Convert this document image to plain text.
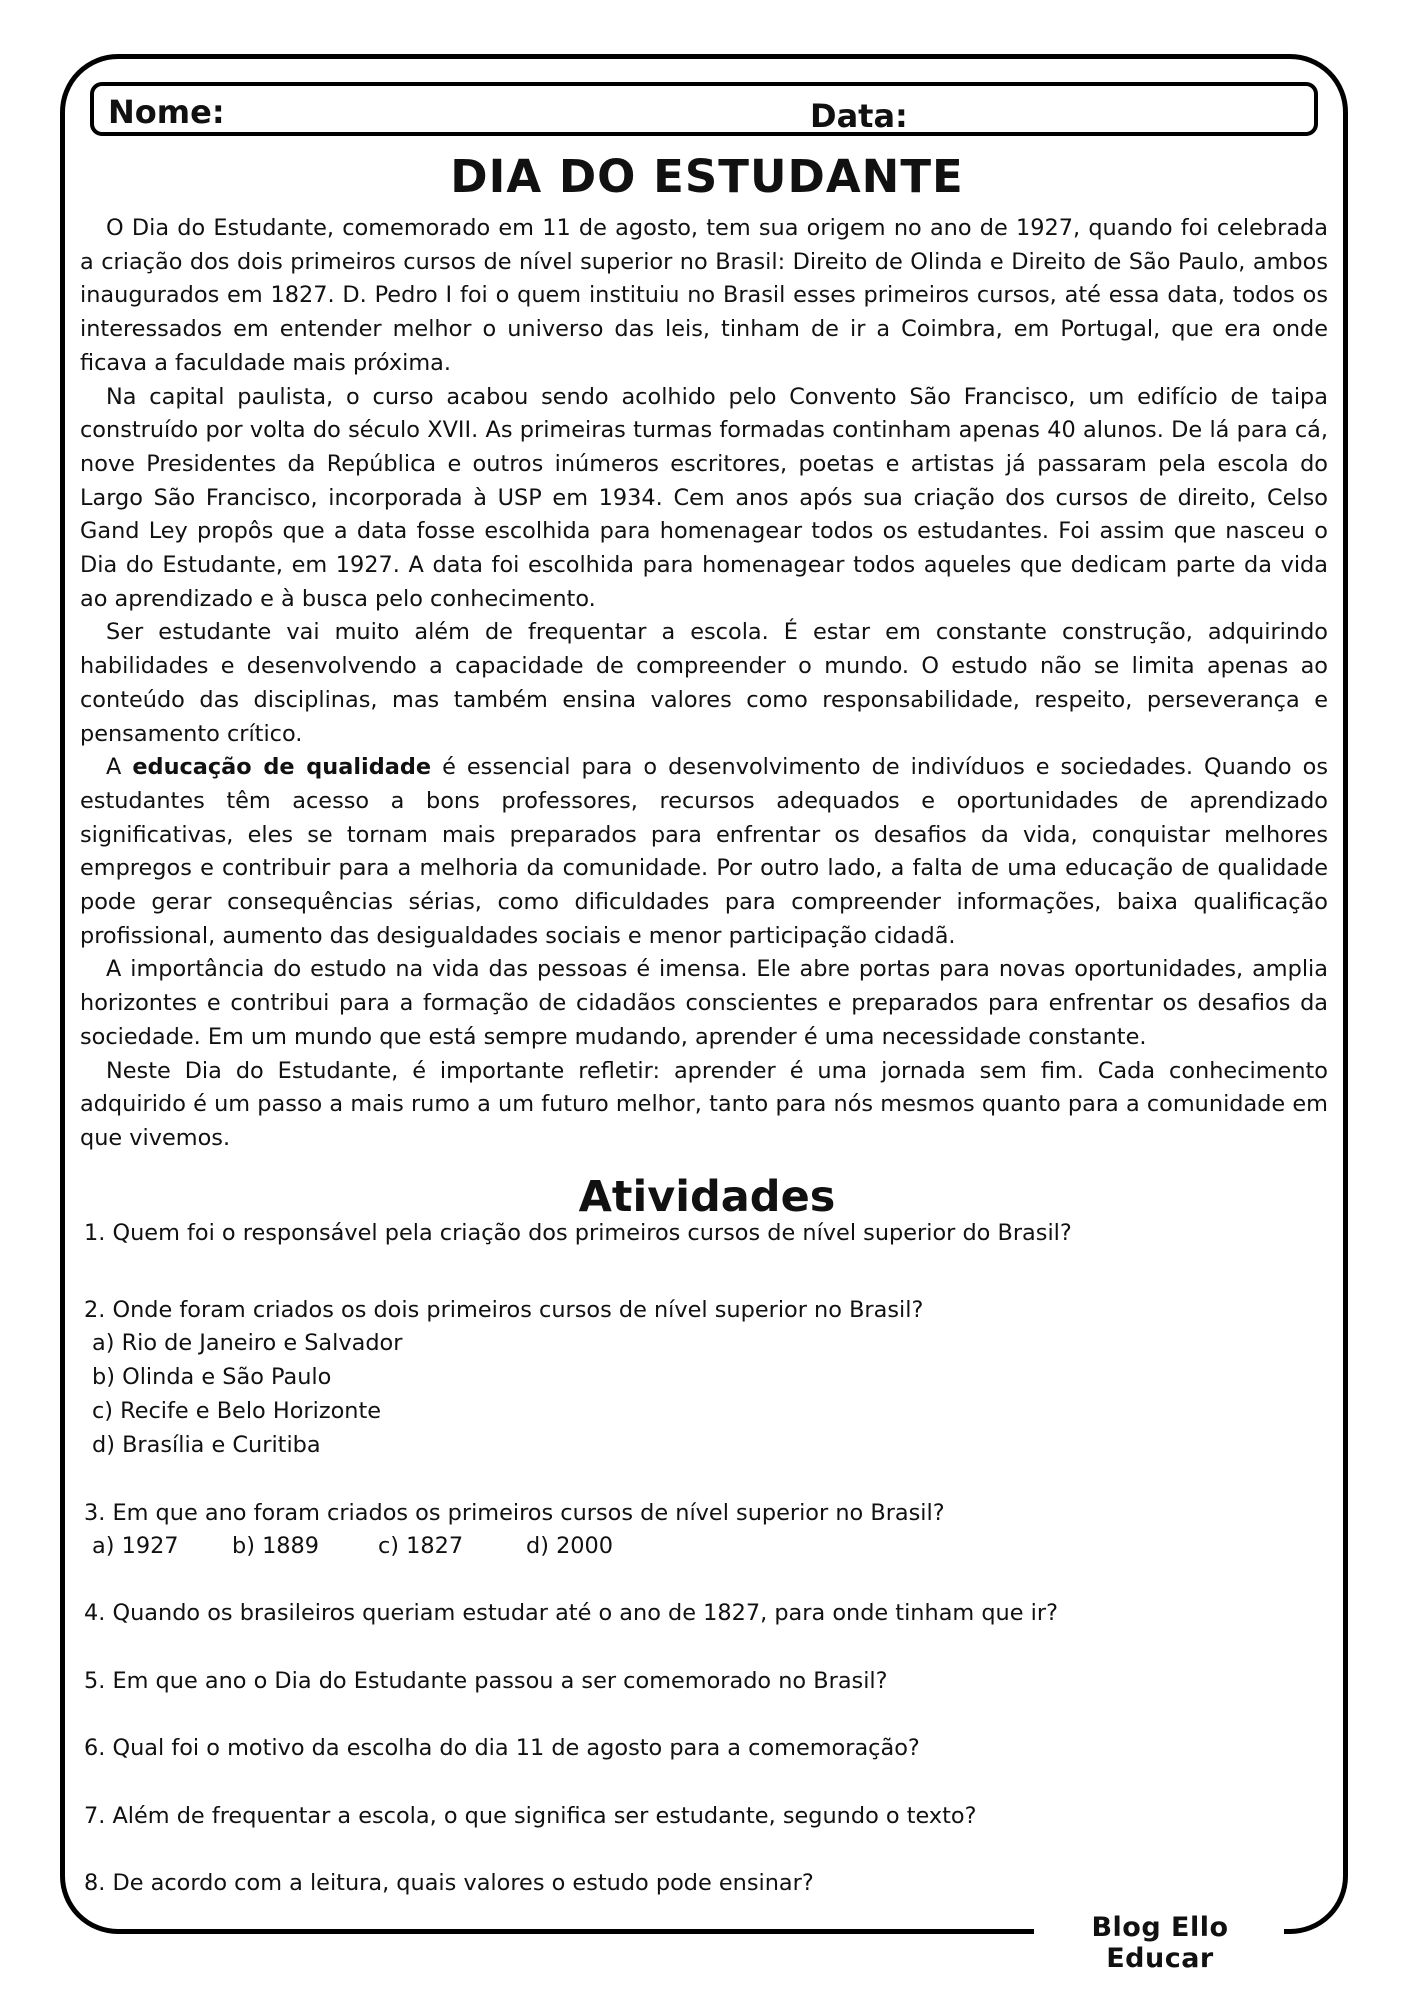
Blog Ello Educar
Nome:	Data:
DIA DO ESTUDANTE

O Dia do Estudante, comemorado em 11 de agosto, tem sua origem no ano de 1927, quando foi celebrada a criação dos dois primeiros cursos de nível superior no Brasil: Direito de Olinda e Direito de São Paulo, ambos inaugurados em 1827. D. Pedro I foi o quem instituiu no Brasil esses primeiros cursos, até essa data, todos os interessados em entender melhor o universo das leis, tinham de ir a Coimbra, em Portugal, que era onde ficava a faculdade mais próxima.

Na capital paulista, o curso acabou sendo acolhido pelo Convento São Francisco, um edifício de taipa construído por volta do século XVII. As primeiras turmas formadas continham apenas 40 alunos. De lá para cá, nove Presidentes da República e outros inúmeros escritores, poetas e artistas já passaram pela escola do Largo São Francisco, incorporada à USP em 1934. Cem anos após sua criação dos cursos de direito, Celso Gand Ley propôs que a data fosse escolhida para homenagear todos os estudantes. Foi assim que nasceu o Dia do Estudante, em 1927. A data foi escolhida para homenagear todos aqueles que dedicam parte da vida ao aprendizado e à busca pelo conhecimento.

Ser estudante vai muito além de frequentar a escola. É estar em constante construção, adquirindo habilidades e desenvolvendo a capacidade de compreender o mundo. O estudo não se limita apenas ao conteúdo das disciplinas, mas também ensina valores como responsabilidade, respeito, perseverança e pensamento crítico.

A educação de qualidade é essencial para o desenvolvimento de indivíduos e sociedades. Quando os estudantes têm acesso a bons professores, recursos adequados e oportunidades de aprendizado significativas, eles se tornam mais preparados para enfrentar os desafios da vida, conquistar melhores empregos e contribuir para a melhoria da comunidade. Por outro lado, a falta de uma educação de qualidade pode gerar consequências sérias, como dificuldades para compreender informações, baixa qualificação profissional, aumento das desigualdades sociais e menor participação cidadã.

A importância do estudo na vida das pessoas é imensa. Ele abre portas para novas oportunidades, amplia horizontes e contribui para a formação de cidadãos conscientes e preparados para enfrentar os desafios da sociedade. Em um mundo que está sempre mudando, aprender é uma necessidade constante.

Neste Dia do Estudante, é importante refletir: aprender é uma jornada sem fim. Cada conhecimento adquirido é um passo a mais rumo a um futuro melhor, tanto para nós mesmos quanto para a comunidade em que vivemos.

Atividades
1. Quem foi o responsável pela criação dos primeiros cursos de nível superior do Brasil?
2. Onde foram criados os dois primeiros cursos de nível superior no Brasil?
a) Rio de Janeiro e Salvador
b) Olinda e São Paulo
c) Recife e Belo Horizonte
d) Brasília e Curitiba
3. Em que ano foram criados os primeiros cursos de nível superior no Brasil?
a) 1927 b) 1889	c) 1827	d) 2000
4. Quando os brasileiros queriam estudar até o ano de 1827, para onde tinham que ir?
5. Em que ano o Dia do Estudante passou a ser comemorado no Brasil?
6. Qual foi o motivo da escolha do dia 11 de agosto para a comemoração?
7. Além de frequentar a escola, o que significa ser estudante, segundo o texto?
8. De acordo com a leitura, quais valores o estudo pode ensinar?
